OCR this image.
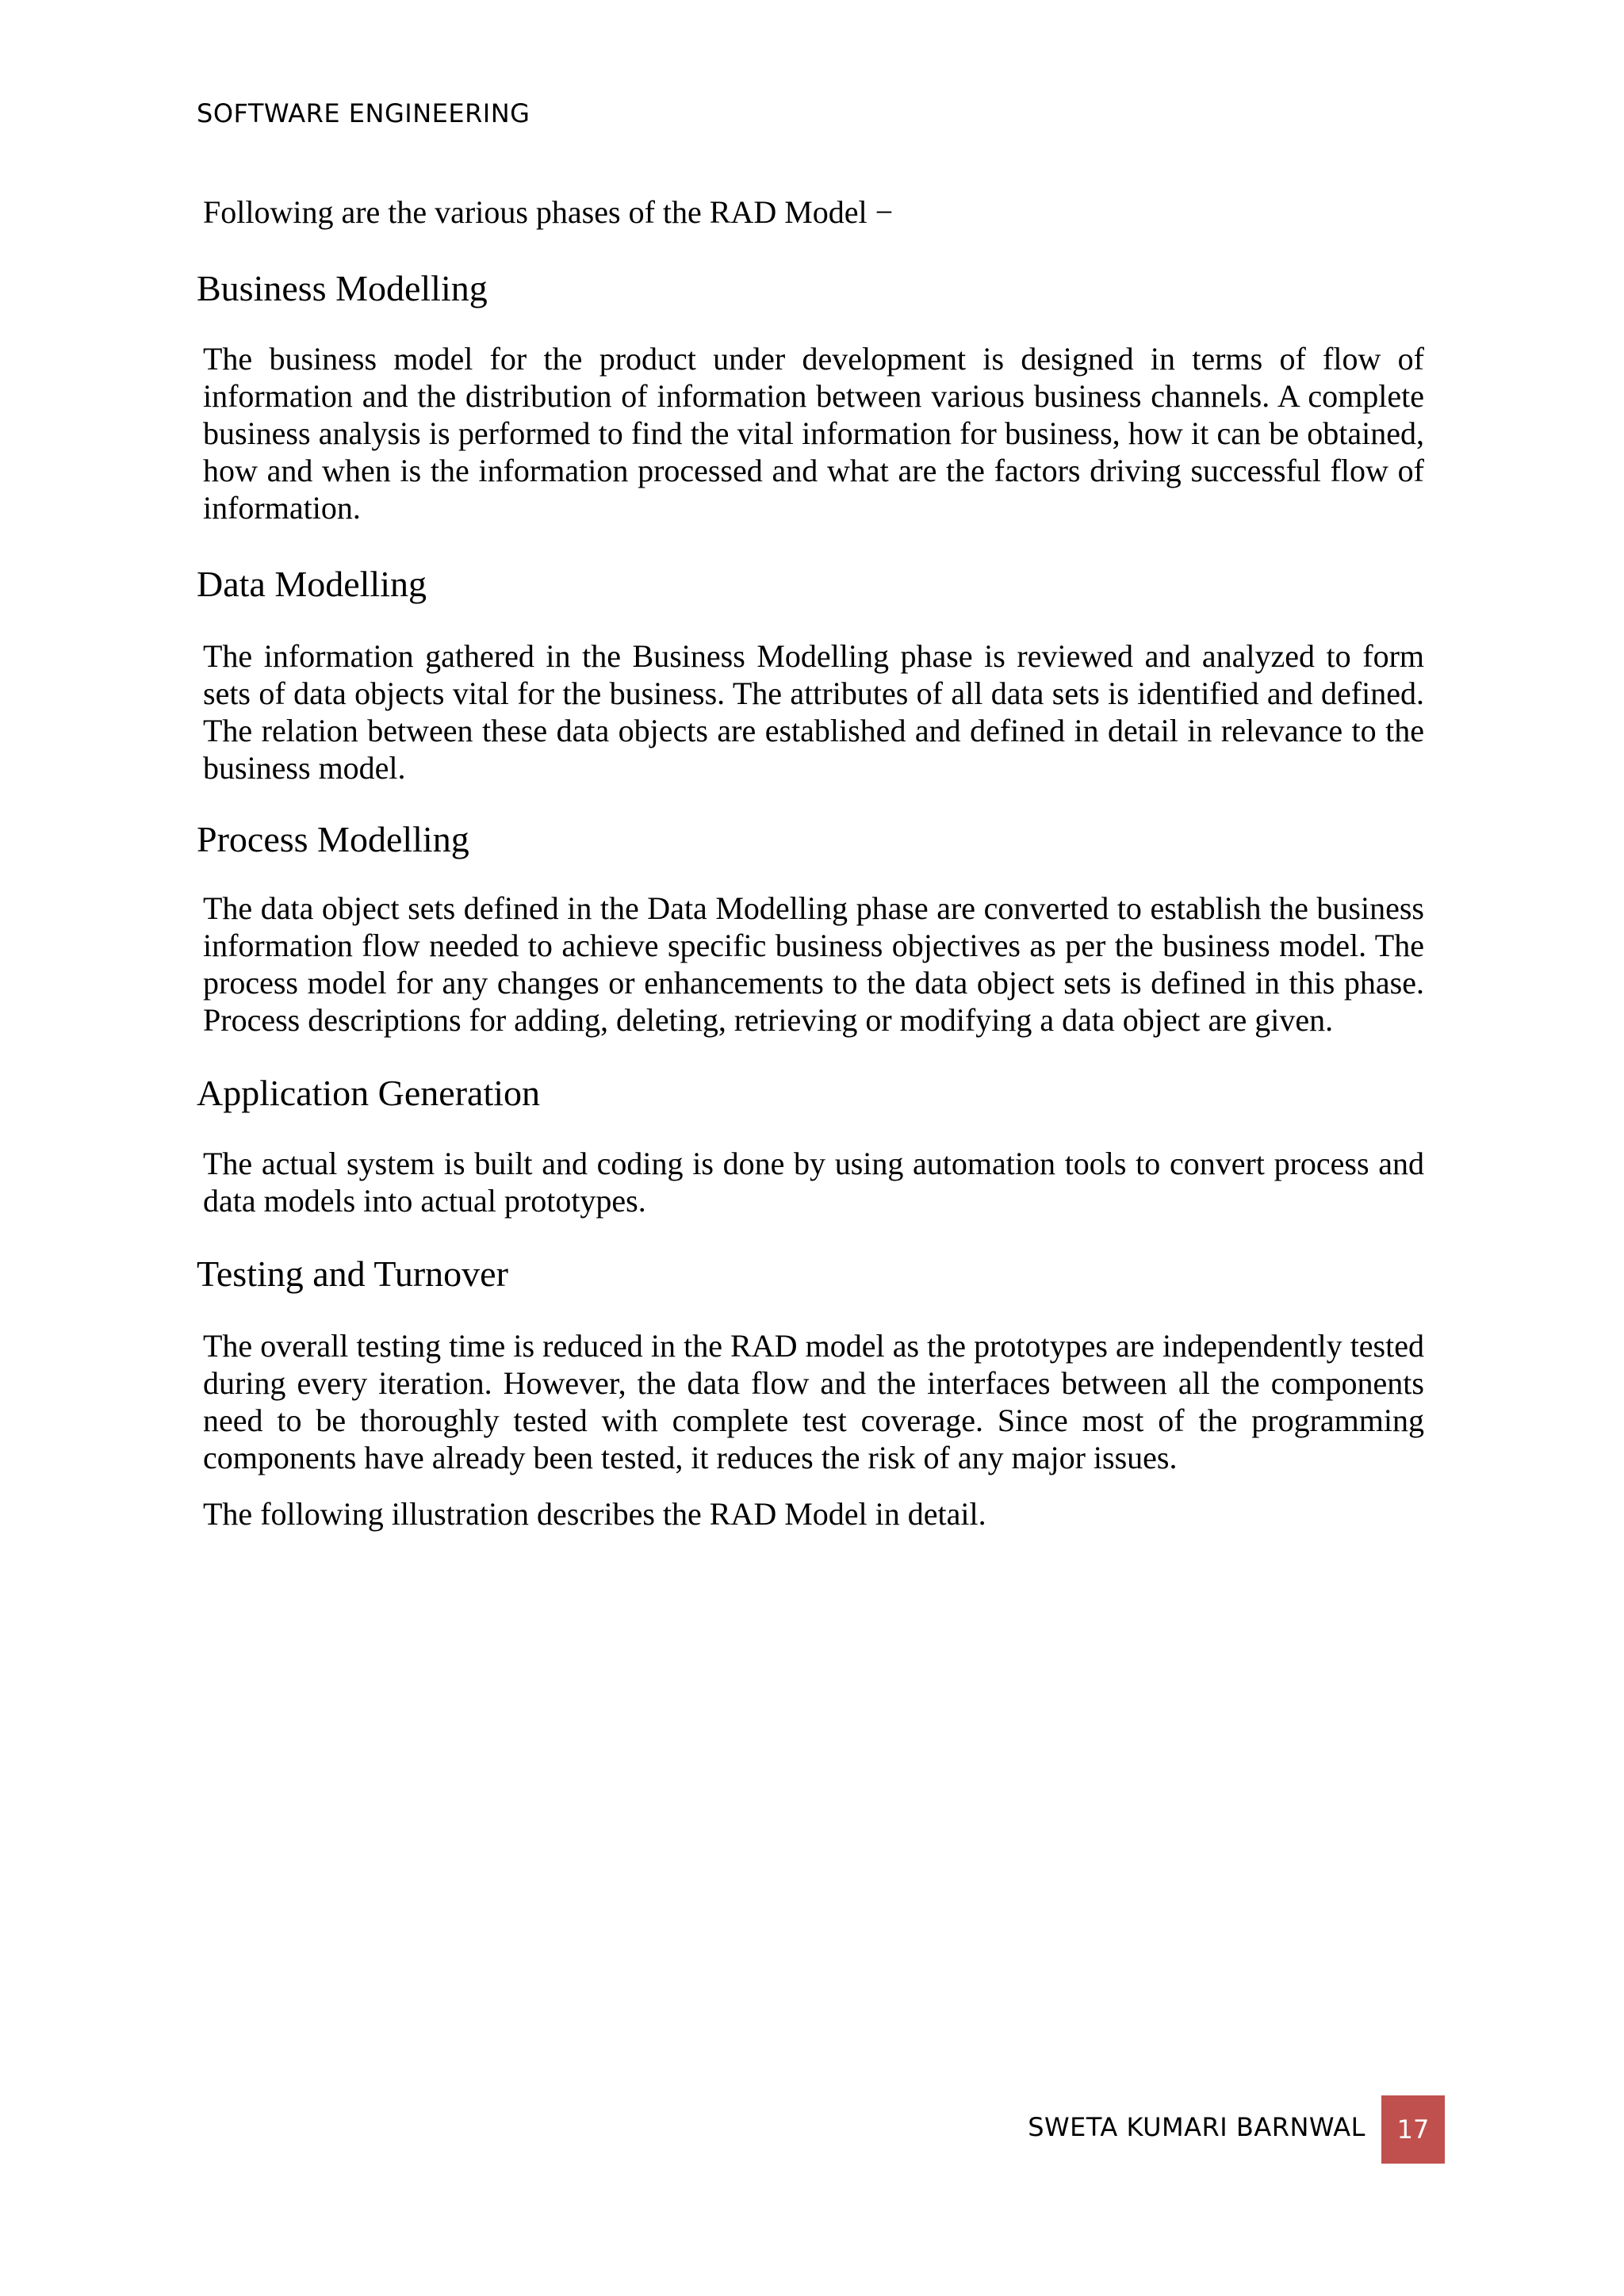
SOFTWARE ENGINEERING

Following are the various phases of the RAD Model −

Business Modelling

The business model for the product under development is designed in terms of flow of information and the distribution of information between various business channels. A complete business analysis is performed to find the vital information for business, how it can be obtained, how and when is the information processed and what are the factors driving successful flow of information.

Data Modelling

The information gathered in the Business Modelling phase is reviewed and analyzed to form sets of data objects vital for the business. The attributes of all data sets is identified and defined. The relation between these data objects are established and defined in detail in relevance to the business model.

Process Modelling

The data object sets defined in the Data Modelling phase are converted to establish the business information flow needed to achieve specific business objectives as per the business model. The process model for any changes or enhancements to the data object sets is defined in this phase. Process descriptions for adding, deleting, retrieving or modifying a data object are given.

Application Generation

The actual system is built and coding is done by using automation tools to convert process and data models into actual prototypes.

Testing and Turnover

The overall testing time is reduced in the RAD model as the prototypes are independently tested during every iteration. However, the data flow and the interfaces between all the components need to be thoroughly tested with complete test coverage. Since most of the programming components have already been tested, it reduces the risk of any major issues.

The following illustration describes the RAD Model in detail.

SWETA KUMARI BARNWAL	17
